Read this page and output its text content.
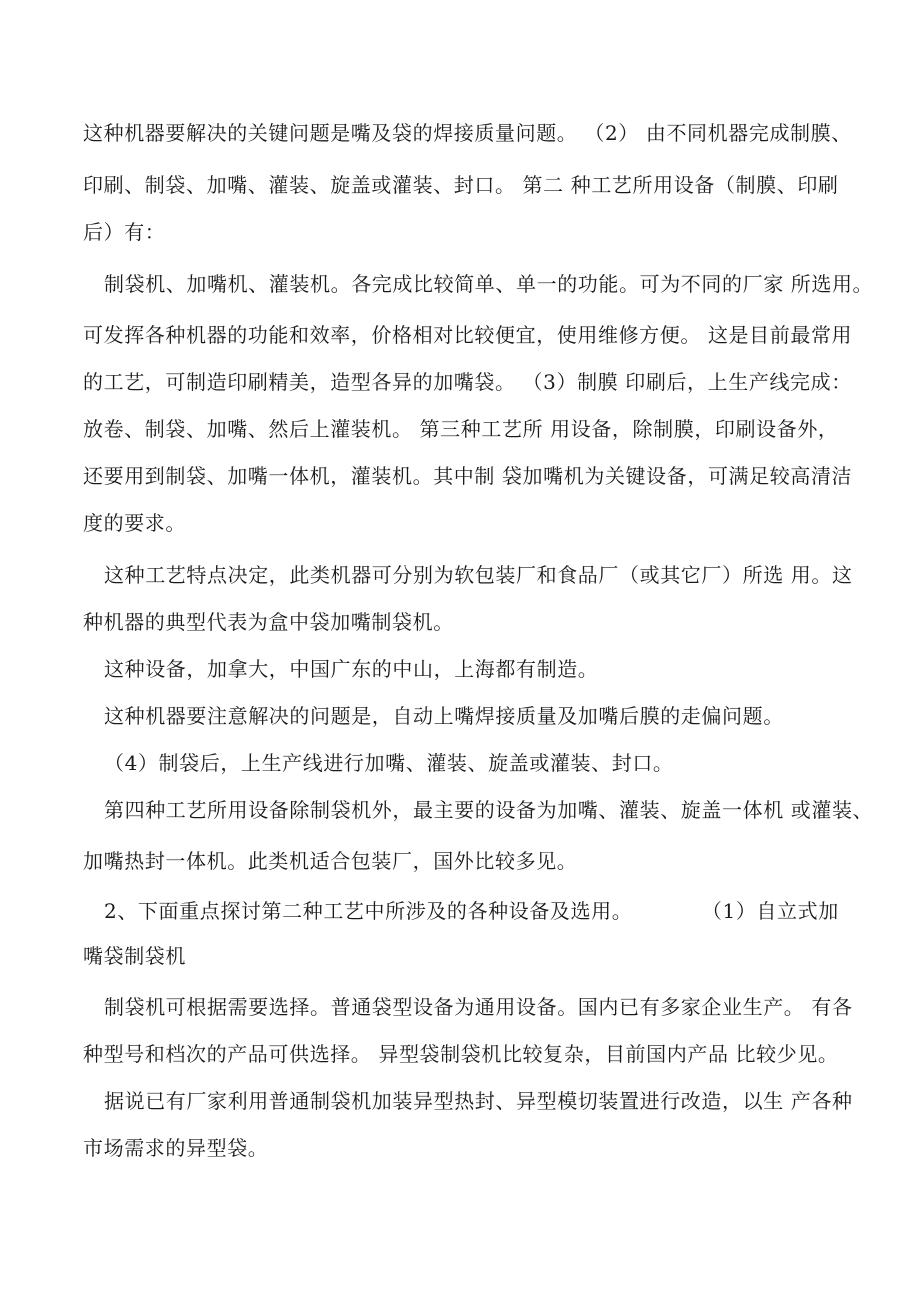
这种机器要解决的关键问题是嘴及袋的焊接质量问题。 （2） 由不同机器完成制膜、
印刷、制袋、加嘴、灌装、旋盖或灌装、封口。 第二 种工艺所用设备（制膜、印刷
后）有：
制袋机、加嘴机、灌装机。各完成比较简单、单一的功能。可为不同的厂家 所选用。
可发挥各种机器的功能和效率，价格相对比较便宜，使用维修方便。 这是目前最常用
的工艺，可制造印刷精美，造型各异的加嘴袋。 （3）制膜 印刷后，上生产线完成：
放卷、制袋、加嘴、然后上灌装机。 第三种工艺所 用设备，除制膜，印刷设备外，
还要用到制袋、加嘴一体机，灌装机。其中制 袋加嘴机为关键设备，可满足较高清洁
度的要求。
这种工艺特点决定，此类机器可分别为软包装厂和食品厂（或其它厂）所选 用。这
种机器的典型代表为盒中袋加嘴制袋机。
这种设备，加拿大，中国广东的中山，上海都有制造。
这种机器要注意解决的问题是，自动上嘴焊接质量及加嘴后膜的走偏问题。
（4）制袋后，上生产线进行加嘴、灌装、旋盖或灌装、封口。
第四种工艺所用设备除制袋机外，最主要的设备为加嘴、灌装、旋盖一体机 或灌装、
加嘴热封一体机。此类机适合包装厂，国外比较多见。
2、下面重点探讨第二种工艺中所涉及的各种设备及选用。          （1）自立式加
嘴袋制袋机
制袋机可根据需要选择。普通袋型设备为通用设备。国内已有多家企业生产。 有各
种型号和档次的产品可供选择。 异型袋制袋机比较复杂，目前国内产品 比较少见。
据说已有厂家利用普通制袋机加装异型热封、异型模切装置进行改造，以生 产各种
市场需求的异型袋。
